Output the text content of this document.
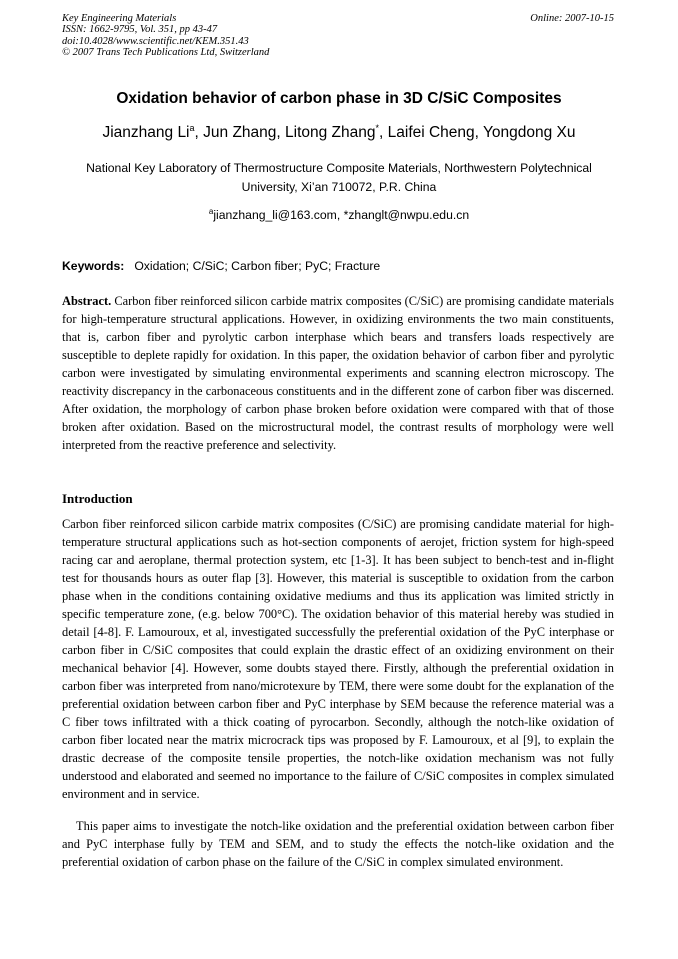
Key Engineering Materials
ISSN: 1662-9795, Vol. 351, pp 43-47
doi:10.4028/www.scientific.net/KEM.351.43
© 2007 Trans Tech Publications Ltd, Switzerland
Online: 2007-10-15
Oxidation behavior of carbon phase in 3D C/SiC Composites
Jianzhang Li$^a$, Jun Zhang, Litong Zhang*, Laifei Cheng, Yongdong Xu
National Key Laboratory of Thermostructure Composite Materials, Northwestern Polytechnical University, Xi’an 710072, P.R. China
$^a$jianzhang_li@163.com, *zhanglt@nwpu.edu.cn
Keywords: Oxidation; C/SiC; Carbon fiber; PyC; Fracture
Abstract. Carbon fiber reinforced silicon carbide matrix composites (C/SiC) are promising candidate materials for high-temperature structural applications. However, in oxidizing environments the two main constituents, that is, carbon fiber and pyrolytic carbon interphase which bears and transfers loads respectively are susceptible to deplete rapidly for oxidation. In this paper, the oxidation behavior of carbon fiber and pyrolytic carbon were investigated by simulating environmental experiments and scanning electron microscopy. The reactivity discrepancy in the carbonaceous constituents and in the different zone of carbon fiber was discerned. After oxidation, the morphology of carbon phase broken before oxidation were compared with that of those broken after oxidation. Based on the microstructural model, the contrast results of morphology were well interpreted from the reactive preference and selectivity.
Introduction
Carbon fiber reinforced silicon carbide matrix composites (C/SiC) are promising candidate material for high-temperature structural applications such as hot-section components of aerojet, friction system for high-speed racing car and aeroplane, thermal protection system, etc [1-3]. It has been subject to bench-test and in-flight test for thousands hours as outer flap [3]. However, this material is susceptible to oxidation from the carbon phase when in the conditions containing oxidative mediums and thus its application was limited strictly in specific temperature zone, (e.g. below 700°C). The oxidation behavior of this material hereby was studied in detail [4-8]. F. Lamouroux, et al, investigated successfully the preferential oxidation of the PyC interphase or carbon fiber in C/SiC composites that could explain the drastic effect of an oxidizing environment on their mechanical behavior [4]. However, some doubts stayed there. Firstly, although the preferential oxidation in carbon fiber was interpreted from nano/microtexure by TEM, there were some doubt for the explanation of the preferential oxidation between carbon fiber and PyC interphase by SEM because the reference material was a C fiber tows infiltrated with a thick coating of pyrocarbon. Secondly, although the notch-like oxidation of carbon fiber located near the matrix microcrack tips was proposed by F. Lamouroux, et al [9], to explain the drastic decrease of the composite tensile properties, the notch-like oxidation mechanism was not fully understood and elaborated and seemed no importance to the failure of C/SiC composites in complex simulated environment and in service.
This paper aims to investigate the notch-like oxidation and the preferential oxidation between carbon fiber and PyC interphase fully by TEM and SEM, and to study the effects the notch-like oxidation and the preferential oxidation of carbon phase on the failure of the C/SiC in complex simulated environment.
